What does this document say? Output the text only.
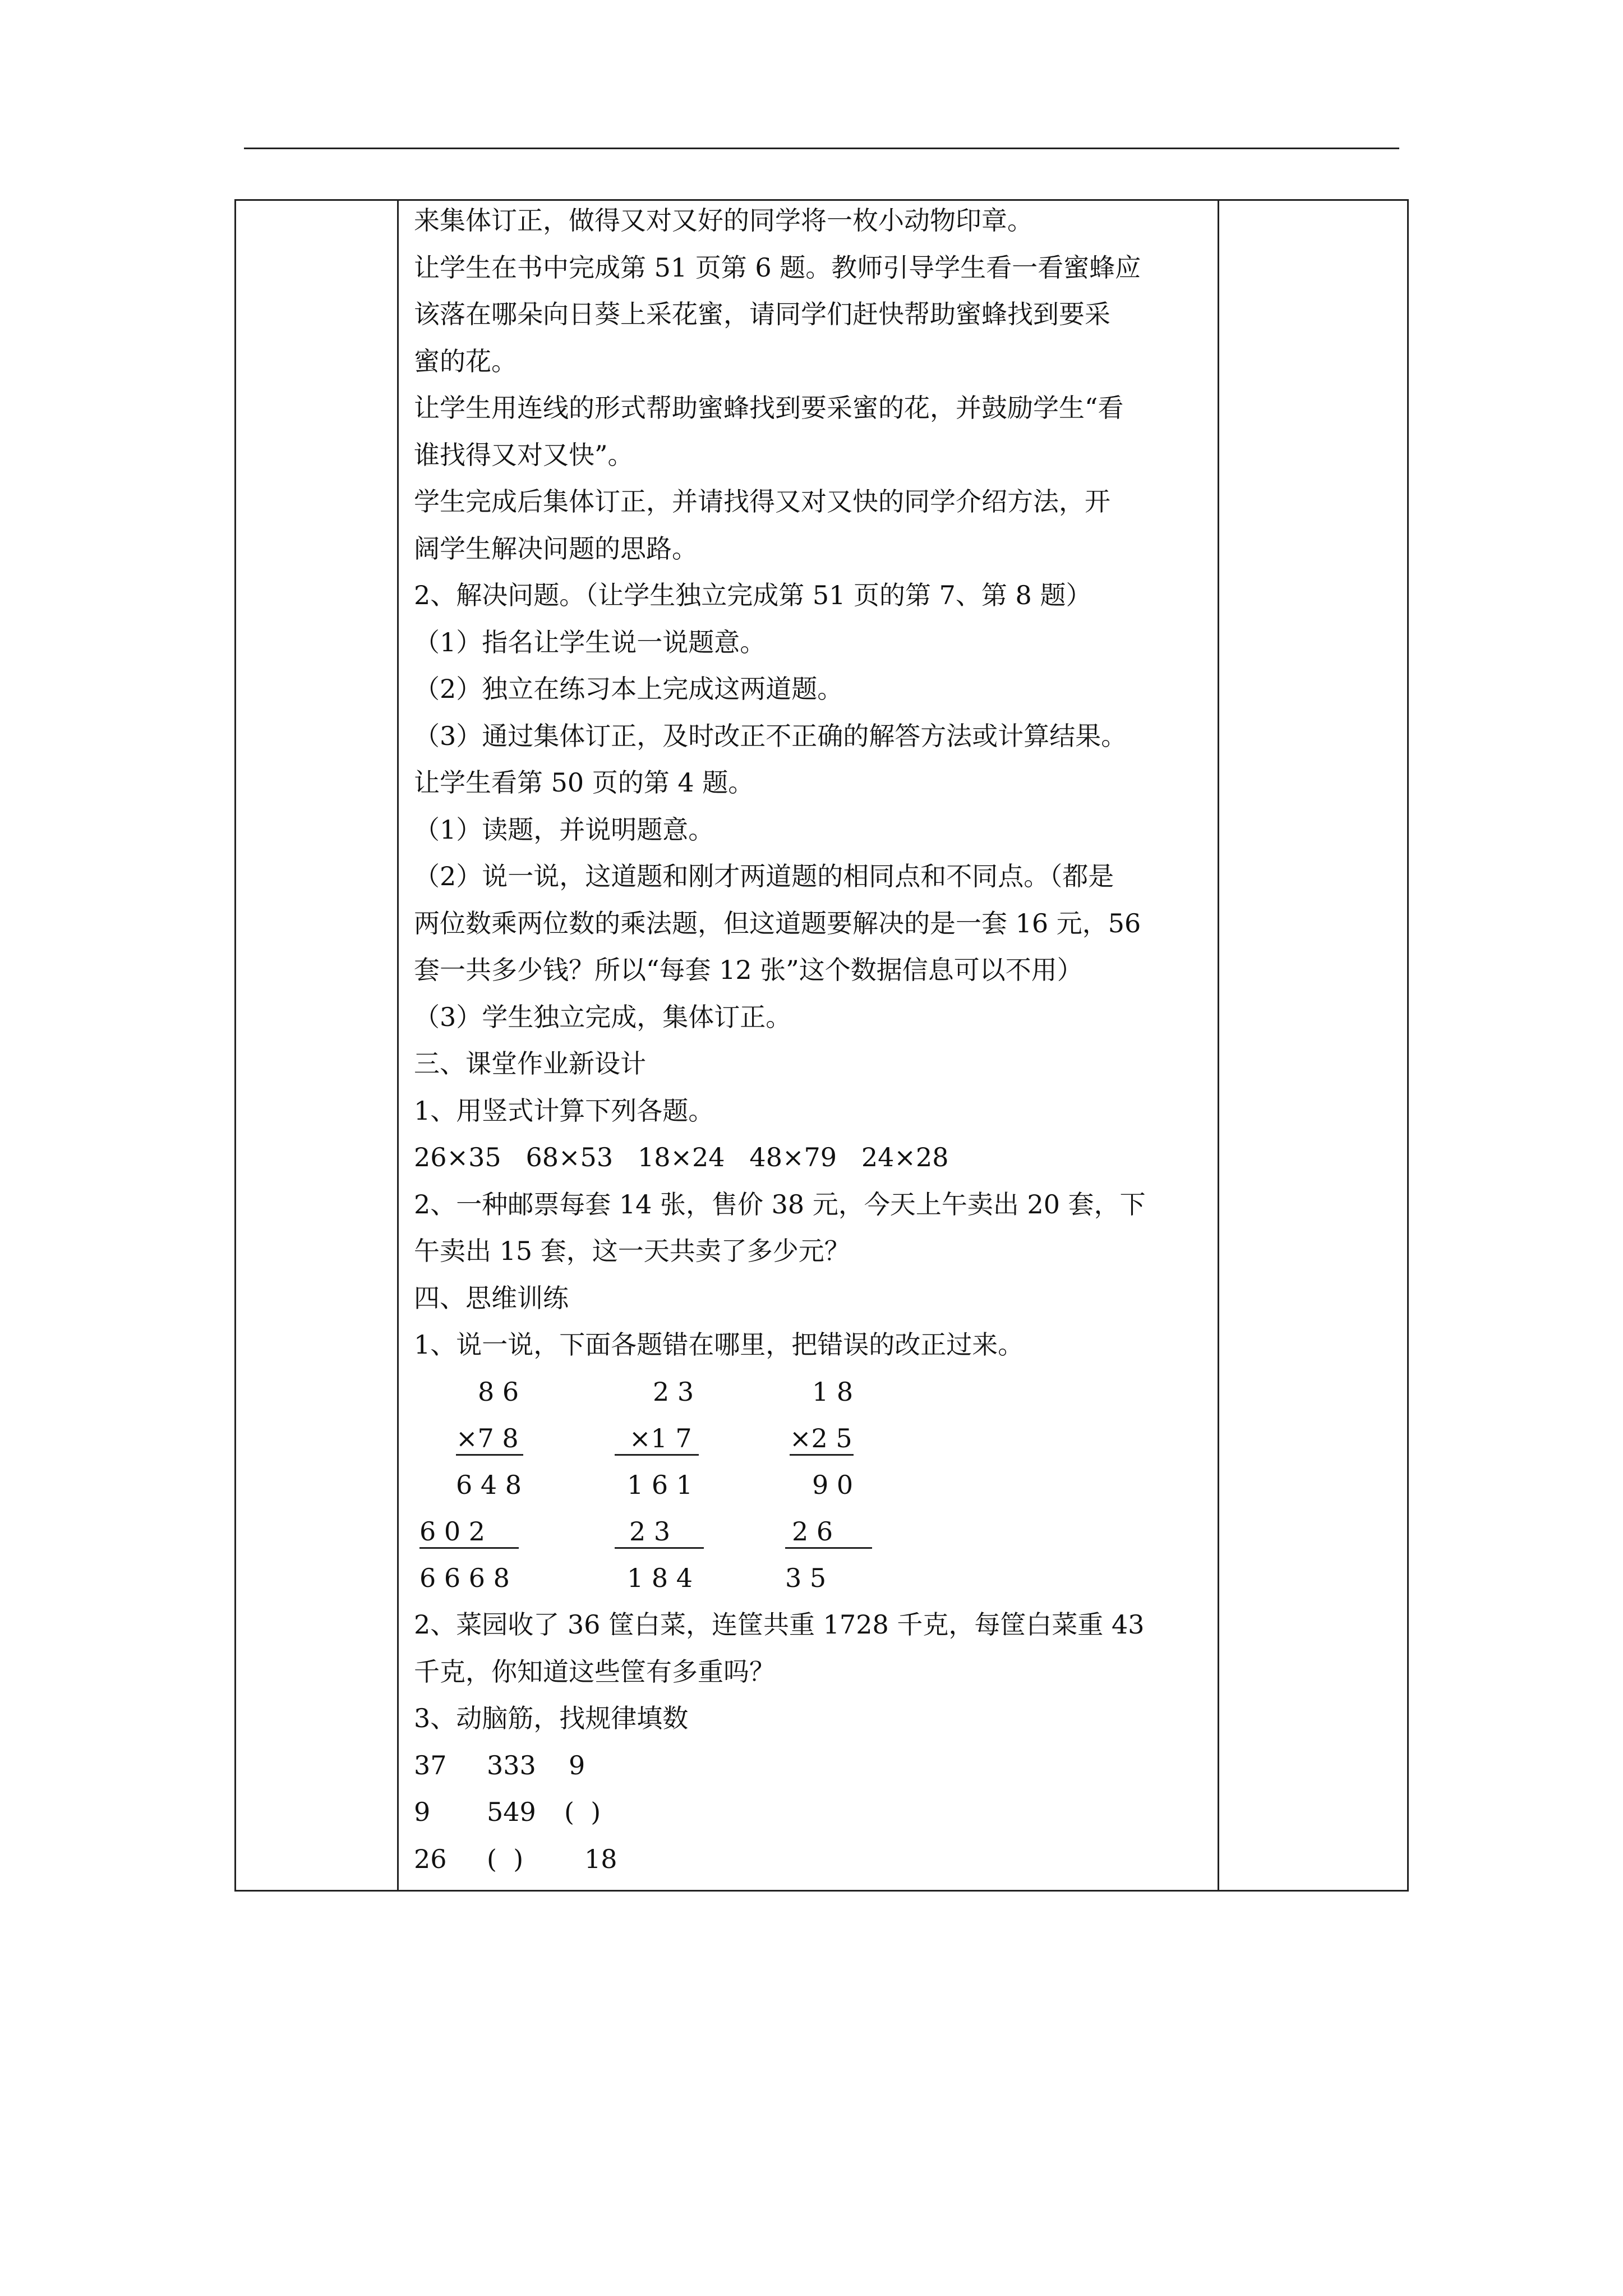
来集体订正，做得又对又好的同学将一枚小动物印章。
让学生在书中完成第 51 页第 6 题。教师引导学生看一看蜜蜂应
该落在哪朵向日葵上采花蜜，请同学们赶快帮助蜜蜂找到要采
蜜的花。
让学生用连线的形式帮助蜜蜂找到要采蜜的花，并鼓励学生“看
谁找得又对又快”。
学生完成后集体订正，并请找得又对又快的同学介绍方法，开
阔学生解决问题的思路。
2、解决问题。（让学生独立完成第 51 页的第 7、第 8 题）
（1）指名让学生说一说题意。
（2）独立在练习本上完成这两道题。
（3）通过集体订正，及时改正不正确的解答方法或计算结果。
让学生看第 50 页的第 4 题。
（1）读题，并说明题意。
（2）说一说，这道题和刚才两道题的相同点和不同点。（都是
两位数乘两位数的乘法题，但这道题要解决的是一套 16 元，56
套一共多少钱？所以“每套 12 张”这个数据信息可以不用）
（3）学生独立完成，集体订正。
三、课堂作业新设计
1、用竖式计算下列各题。
26×35   68×53   18×24   48×79   24×28
2、一种邮票每套 14 张，售价 38 元，今天上午卖出 20 套，下
午卖出 15 套，这一天共卖了多少元？
四、思维训练
1、说一说，下面各题错在哪里，把错误的改正过来。
8 6
×7 8
6 4 8
6 0 2
6 6 6 8
2 3
×1 7
1 6 1
2 3
1 8 4
1 8
×2 5
9 0
2 6
3 5
2、菜园收了 36 筐白菜，连筐共重 1728 千克，每筐白菜重 43
千克，你知道这些筐有多重吗？
3、动脑筋，找规律填数
37 333 9
9 549 (  )
26 (  ) 18
